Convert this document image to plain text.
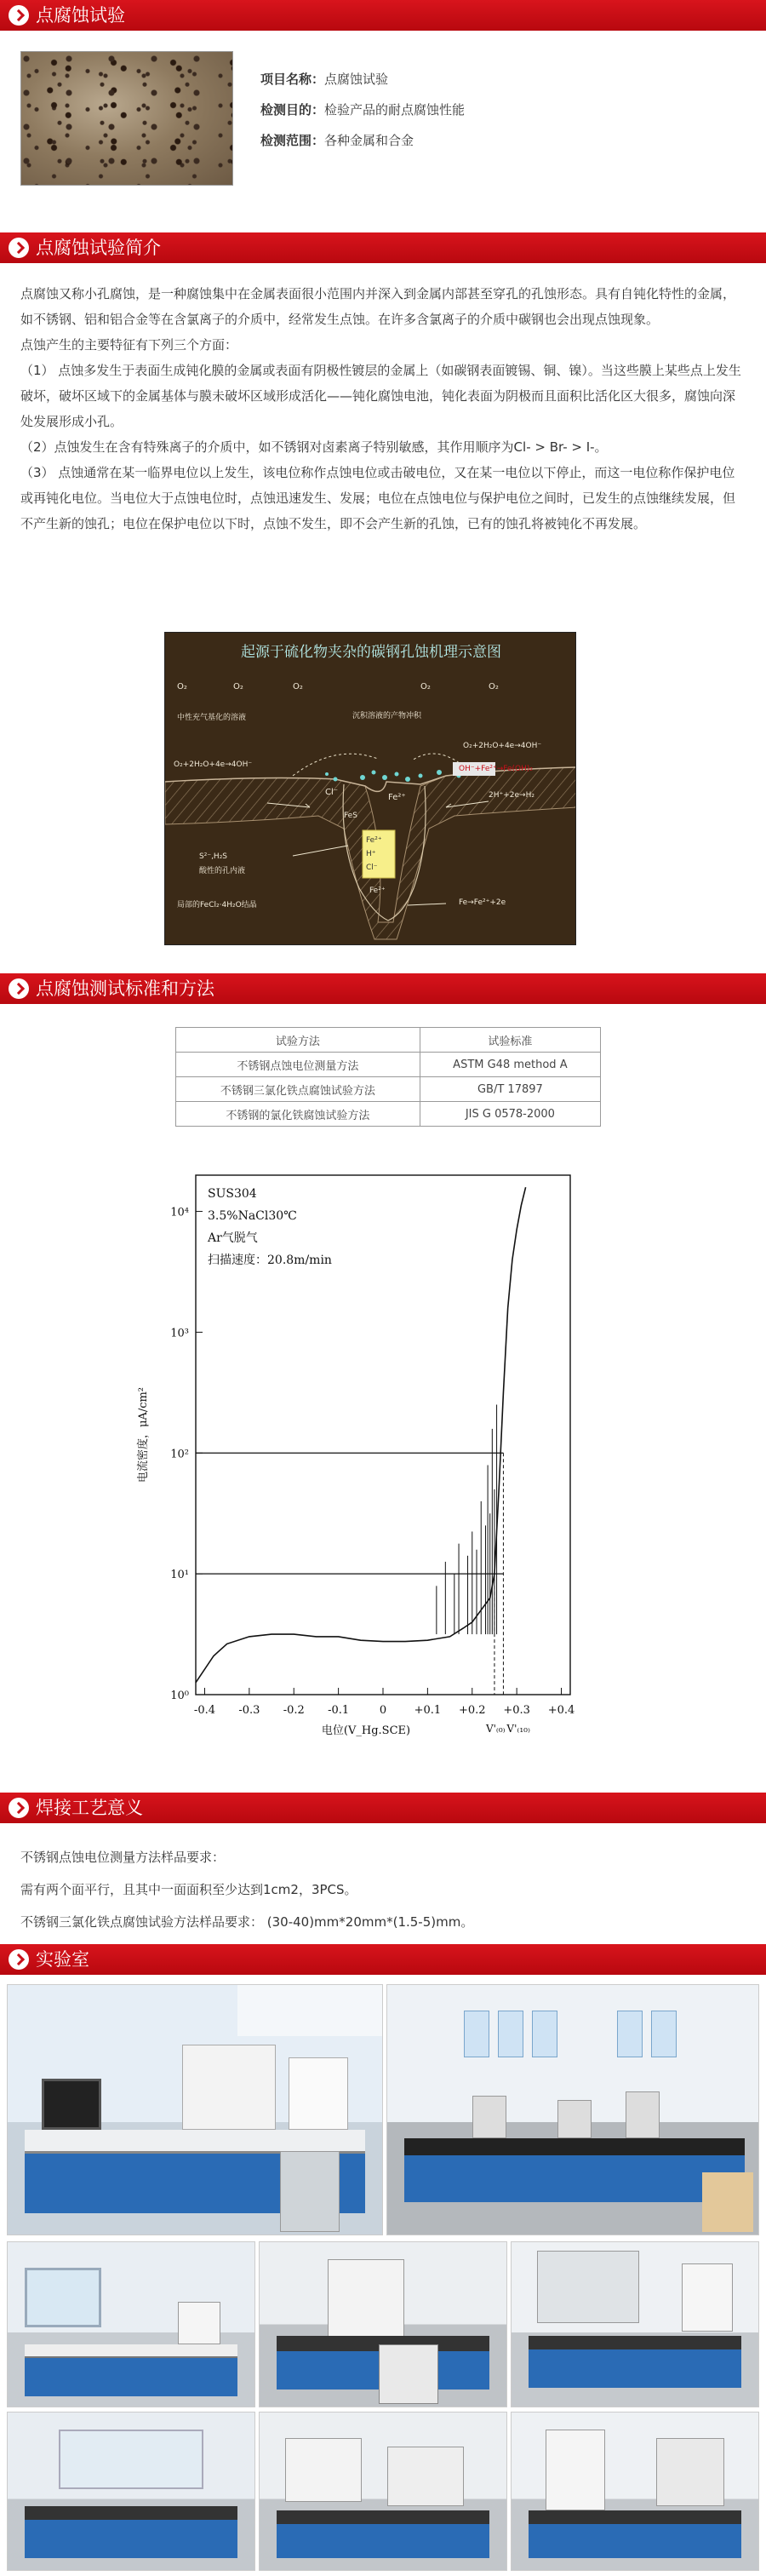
点腐蚀试验
项目名称：点腐蚀试验
检测目的：检验产品的耐点腐蚀性能
检测范围：各种金属和合金
点腐蚀试验简介

点腐蚀又称小孔腐蚀，是一种腐蚀集中在金属表面很小范围内并深入到金属内部甚至穿孔的孔蚀形态。具有自钝化特性的金属，如不锈钢、铝和铝合金等在含氯离子的介质中，经常发生点蚀。在许多含氯离子的介质中碳钢也会出现点蚀现象。

点蚀产生的主要特征有下列三个方面：

（1） 点蚀多发生于表面生成钝化膜的金属或表面有阴极性镀层的金属上（如碳钢表面镀锡、铜、镍）。当这些膜上某些点上发生破坏，破坏区域下的金属基体与膜未破坏区域形成活化——钝化腐蚀电池，钝化表面为阴极而且面积比活化区大很多，腐蚀向深处发展形成小孔。

（2）点蚀发生在含有特殊离子的介质中，如不锈钢对卤素离子特别敏感，其作用顺序为Cl- > Br- > I-。

（3） 点蚀通常在某一临界电位以上发生，该电位称作点蚀电位或击破电位，又在某一电位以下停止，而这一电位称作保护电位或再钝化电位。当电位大于点蚀电位时，点蚀迅速发生、发展；电位在点蚀电位与保护电位之间时，已发生的点蚀继续发展，但不产生新的蚀孔；电位在保护电位以下时，点蚀不发生，即不会产生新的孔蚀，已有的蚀孔将被钝化不再发展。

起源于硫化物夹杂的碳钢孔蚀机理示意图
O₂	O₂	O₂	O₂	O₂
中性充气基化的溶液	沉积溶液的产物冲积
O₂+2H₂O+4e→4OH⁻
O₂+2H₂O+4e→4OH⁻
OH⁻+Fe²⁺→Fe(OH)₂
Cl⁻
Fe²⁺	2H⁺+2e→H₂
Fe²⁺
H⁺
Cl⁻
FeS
Fe²⁺
S²⁻,H₂S
酸性的孔内液
局部的FeCl₂·4H₂O结晶	Fe→Fe²⁺+2e
点腐蚀测试标准和方法
试验方法	试验标准
不锈钢点蚀电位测量方法	ASTM G48 method A
不锈钢三氯化铁点腐蚀试验方法	GB/T 17897
不锈钢的氯化铁腐蚀试验方法	JIS G 0578-2000
10⁰
10¹
10²
10³
10⁴
-0.4 -0.3 -0.2 -0.1	0 +0.1 +0.2 +0.3 +0.4
V'₍₀₎ V'₍₁₀₎
SUS304
3.5%NaCl30℃
Ar气脱气
扫描速度：20.8m/min
电位(V_Hg.SCE)
电流密度，μA/cm²
焊接工艺意义

不锈钢点蚀电位测量方法样品要求：

需有两个面平行，且其中一面面积至少达到1cm2，3PCS。

不锈钢三氯化铁点腐蚀试验方法样品要求： (30-40)mm*20mm*(1.5-5)mm。

实验室
